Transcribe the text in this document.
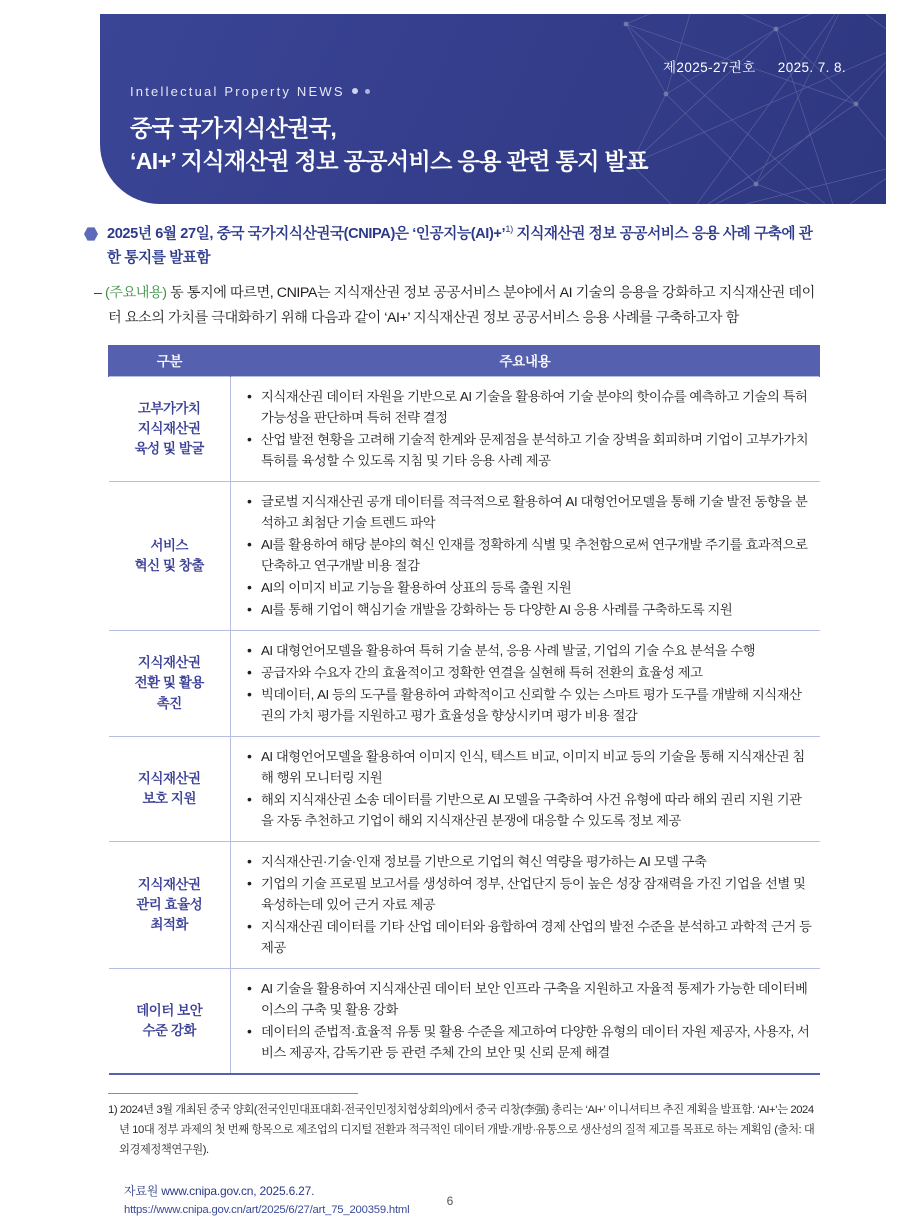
제2025-27권호 2025. 7. 8.
Intellectual Property NEWS
중국 국가지식산권국,
‘AI+’ 지식재산권 정보 공공서비스 응용 관련 통지 발표
2025년 6월 27일, 중국 국가지식산권국(CNIPA)은 ‘인공지능(AI)+’$^{1)}$ 지식재산권 정보 공공서비스 응용 사례 구축에 관한 통지를 발표함
– (주요내용) 동 통지에 따르면, CNIPA는 지식재산권 정보 공공서비스 분야에서 AI 기술의 응용을 강화하고 지식재산권 데이터 요소의 가치를 극대화하기 위해 다음과 같이 ‘AI+’ 지식재산권 정보 공공서비스 응용 사례를 구축하고자 함
구분	주요내용

고부가가치
지식재산권
육성 및 발굴

• 지식재산권 데이터 자원을 기반으로 AI 기술을 활용하여 기술 분야의 핫이슈를 예측하고 기술의 특허 가능성을 판단하며 특허 전략 결정
• 산업 발전 현황을 고려해 기술적 한계와 문제점을 분석하고 기술 장벽을 회피하며 기업이 고부가가치 특허를 육성할 수 있도록 지침 및 기타 응용 사례 제공

서비스
혁신 및 창출

• 글로벌 지식재산권 공개 데이터를 적극적으로 활용하여 AI 대형언어모델을 통해 기술 발전 동향을 분석하고 최첨단 기술 트렌드 파악
• AI를 활용하여 해당 분야의 혁신 인재를 정확하게 식별 및 추천함으로써 연구개발 주기를 효과적으로 단축하고 연구개발 비용 절감
• AI의 이미지 비교 기능을 활용하여 상표의 등록 출원 지원
• AI를 통해 기업이 핵심기술 개발을 강화하는 등 다양한 AI 응용 사례를 구축하도록 지원

지식재산권
전환 및 활용
촉진

• AI 대형언어모델을 활용하여 특허 기술 분석, 응용 사례 발굴, 기업의 기술 수요 분석을 수행
• 공급자와 수요자 간의 효율적이고 정확한 연결을 실현해 특허 전환의 효율성 제고
• 빅데이터, AI 등의 도구를 활용하여 과학적이고 신뢰할 수 있는 스마트 평가 도구를 개발해 지식재산권의 가치 평가를 지원하고 평가 효율성을 향상시키며 평가 비용 절감

지식재산권
보호 지원

• AI 대형언어모델을 활용하여 이미지 인식, 텍스트 비교, 이미지 비교 등의 기술을 통해 지식재산권 침해 행위 모니터링 지원
• 해외 지식재산권 소송 데이터를 기반으로 AI 모델을 구축하여 사건 유형에 따라 해외 권리 지원 기관을 자동 추천하고 기업이 해외 지식재산권 분쟁에 대응할 수 있도록 정보 제공

지식재산권
관리 효율성
최적화

• 지식재산권·기술·인재 정보를 기반으로 기업의 혁신 역량을 평가하는 AI 모델 구축
• 기업의 기술 프로필 보고서를 생성하여 정부, 산업단지 등이 높은 성장 잠재력을 가진 기업을 선별 및 육성하는데 있어 근거 자료 제공
• 지식재산권 데이터를 기타 산업 데이터와 융합하여 경제 산업의 발전 수준을 분석하고 과학적 근거 등 제공

데이터 보안
수준 강화

• AI 기술을 활용하여 지식재산권 데이터 보안 인프라 구축을 지원하고 자율적 통제가 가능한 데이터베이스의 구축 및 활용 강화
• 데이터의 준법적·효율적 유통 및 활용 수준을 제고하여 다양한 유형의 데이터 자원 제공자, 사용자, 서비스 제공자, 감독기관 등 관련 주체 간의 보안 및 신뢰 문제 해결
1) 2024년 3월 개최된 중국 양회(전국인민대표대회·전국인민정치협상회의)에서 중국 리창(李强) 총리는 ‘AI+’ 이니셔티브 추진 계획을 발표함. ‘AI+’는 2024년 10대 정부 과제의 첫 번째 항목으로 제조업의 디지털 전환과 적극적인 데이터 개발·개방·유통으로 생산성의 질적 제고를 목표로 하는 계획임 (출처: 대외경제정책연구원).
자료원 www.cnipa.gov.cn, 2025.6.27.
https://www.cnipa.gov.cn/art/2025/6/27/art_75_200359.html
6
